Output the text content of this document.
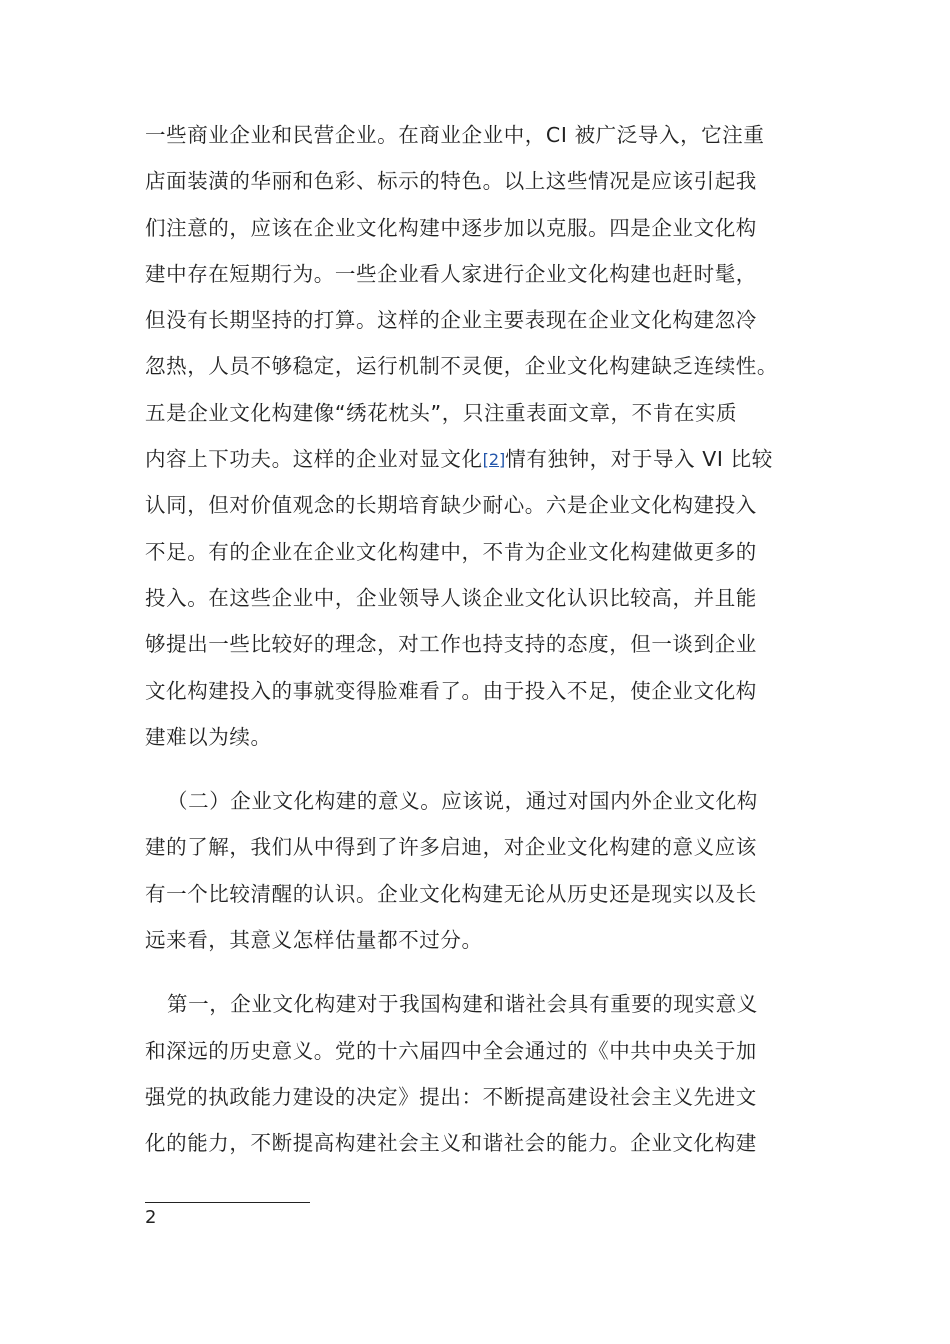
一些商业企业和民营企业。在商业企业中，CI 被广泛导入，它注重
店面装潢的华丽和色彩、标示的特色。以上这些情况是应该引起我
们注意的，应该在企业文化构建中逐步加以克服。四是企业文化构
建中存在短期行为。一些企业看人家进行企业文化构建也赶时髦，
但没有长期坚持的打算。这样的企业主要表现在企业文化构建忽冷
忽热，人员不够稳定，运行机制不灵便，企业文化构建缺乏连续性。
五是企业文化构建像“绣花枕头”，只注重表面文章，不肯在实质
内容上下功夫。这样的企业对显文化[2]情有独钟，对于导入 VI 比较
认同，但对价值观念的长期培育缺少耐心。六是企业文化构建投入
不足。有的企业在企业文化构建中，不肯为企业文化构建做更多的
投入。在这些企业中，企业领导人谈企业文化认识比较高，并且能
够提出一些比较好的理念，对工作也持支持的态度，但一谈到企业
文化构建投入的事就变得脸难看了。由于投入不足，使企业文化构
建难以为续。

（二）企业文化构建的意义。应该说，通过对国内外企业文化构
建的了解，我们从中得到了许多启迪，对企业文化构建的意义应该
有一个比较清醒的认识。企业文化构建无论从历史还是现实以及长
远来看，其意义怎样估量都不过分。

第一，企业文化构建对于我国构建和谐社会具有重要的现实意义
和深远的历史意义。党的十六届四中全会通过的《中共中央关于加
强党的执政能力建设的决定》提出：不断提高建设社会主义先进文
化的能力，不断提高构建社会主义和谐社会的能力。企业文化构建

2
